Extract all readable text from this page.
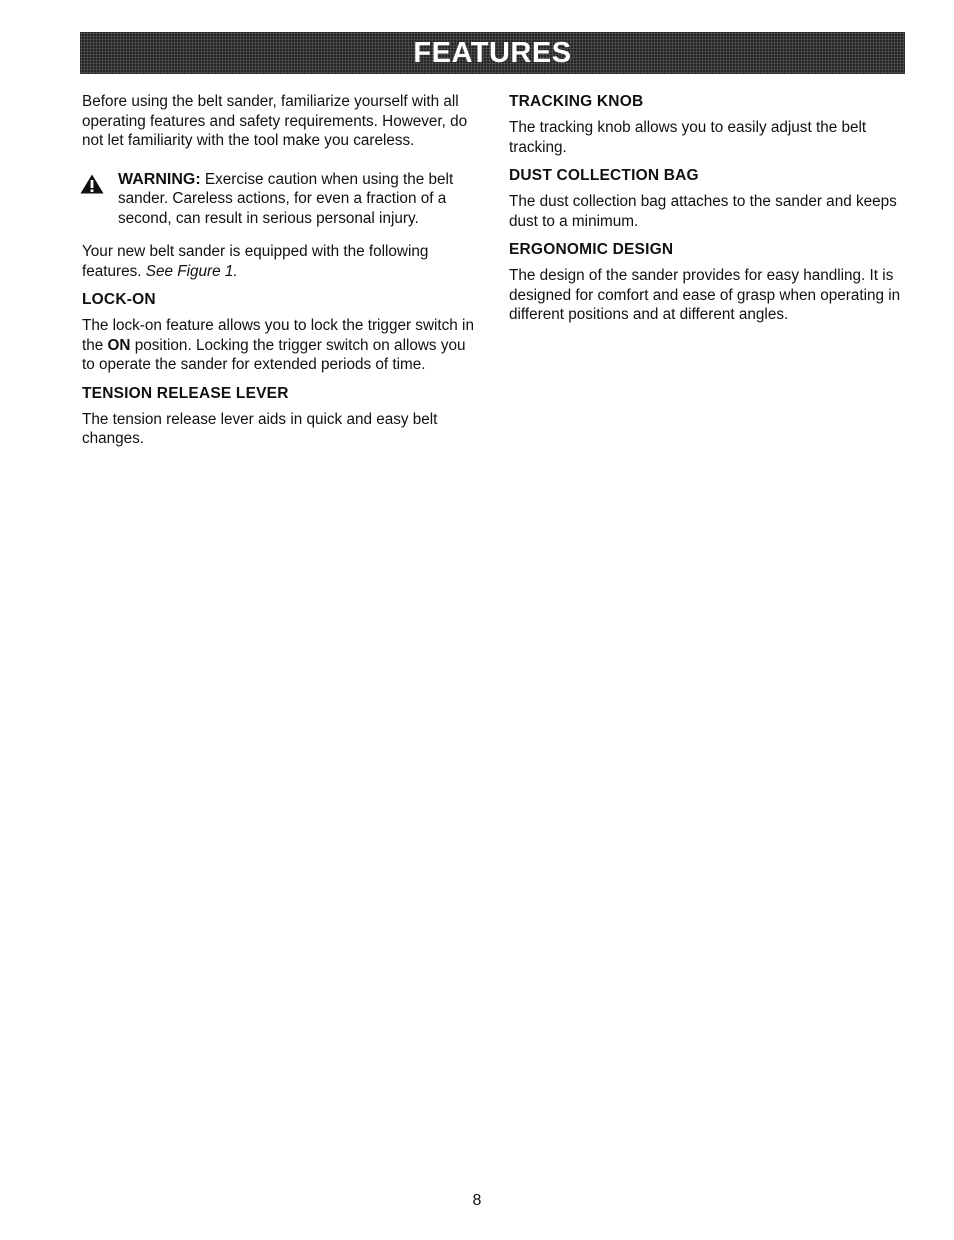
FEATURES

Before using the belt sander, familiarize yourself with all operating features and safety requirements. However, do not let familiarity with the tool make you careless.

WARNING: Exercise caution when using the belt sander. Careless actions, for even a fraction of a second, can result in serious personal injury.

Your new belt sander is equipped with the following features. See Figure 1.

LOCK-ON

The lock-on feature allows you to lock the trigger switch in the ON position. Locking the trigger switch on allows you to operate the sander for extended periods of time.

TENSION RELEASE LEVER

The tension release lever aids in quick and easy belt changes.

TRACKING KNOB

The tracking knob allows you to easily adjust the belt tracking.

DUST COLLECTION BAG

The dust collection bag attaches to the sander and keeps dust to a minimum.

ERGONOMIC DESIGN

The design of the sander provides for easy handling. It is designed for comfort and ease of grasp when operating in different positions and at different angles.

8
